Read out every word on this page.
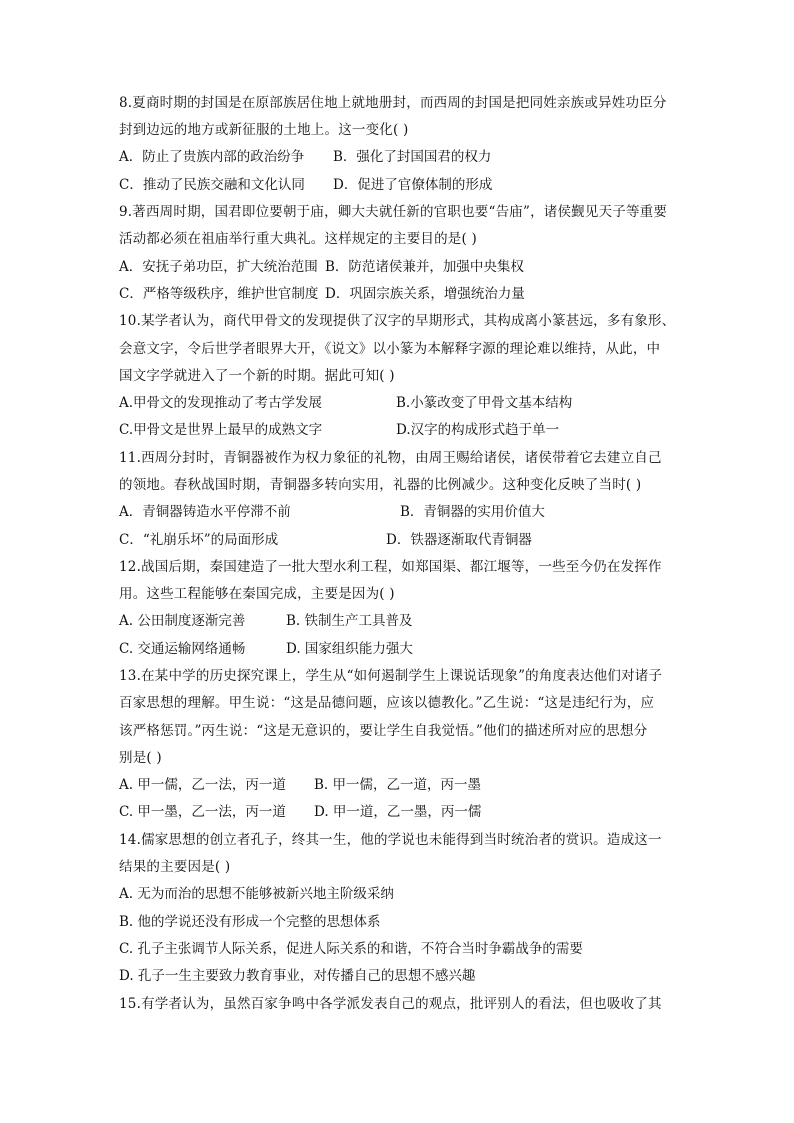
8.夏商时期的封国是在原部族居住地上就地册封，而西周的封国是把同姓亲族或异姓功臣分
封到边远的地方或新征服的土地上。这一变化( )
A．防止了贵族内部的政治纷争 B．强化了封国国君的权力
C．推动了民族交融和文化认同 D．促进了官僚体制的形成
9.著西周时期，国君即位要朝于庙，卿大夫就任新的官职也要“告庙”，诸侯觐见天子等重要
活动都必须在祖庙举行重大典礼。这样规定的主要目的是( )
A．安抚子弟功臣，扩大统治范围 B．防范诸侯兼并，加强中央集权
C．严格等级秩序，维护世官制度 D．巩固宗族关系，增强统治力量
10.某学者认为，商代甲骨文的发现提供了汉字的早期形式，其构成离小篆甚远，多有象形、
会意文字，令后世学者眼界大开，《说文》以小篆为本解释字源的理论难以维持，从此，中
国文字学就进入了一个新的时期。据此可知( )
A.甲骨文的发现推动了考古学发展	B.小篆改变了甲骨文基本结构
C.甲骨文是世界上最早的成熟文字	D.汉字的构成形式趋于单一
11.西周分封时，青铜器被作为权力象征的礼物，由周王赐给诸侯，诸侯带着它去建立自己
的领地。春秋战国时期，青铜器多转向实用，礼器的比例减少。这种变化反映了当时( )
A．青铜器铸造水平停滞不前	B．青铜器的实用价值大
C．“礼崩乐坏”的局面形成	D．铁器逐渐取代青铜器
12.战国后期，秦国建造了一批大型水利工程，如郑国渠、都江堰等，一些至今仍在发挥作
用。这些工程能够在秦国完成，主要是因为( )
A. 公田制度逐渐完善	B. 铁制生产工具普及
C. 交通运输网络通畅	D. 国家组织能力强大
13.在某中学的历史探究课上，学生从“如何遏制学生上课说话现象”的角度表达他们对诸子
百家思想的理解。甲生说：“这是品德问题，应该以德教化。”乙生说：“这是违纪行为，应
该严格惩罚。”丙生说：“这是无意识的，要让学生自我觉悟。”他们的描述所对应的思想分
别是( )
A. 甲一儒，乙一法，丙一道 B. 甲一儒，乙一道，丙一墨
C. 甲一墨，乙一法，丙一道 D. 甲一道，乙一墨，丙一儒
14.儒家思想的创立者孔子，终其一生，他的学说也未能得到当时统治者的赏识。造成这一
结果的主要因是( )
A. 无为而治的思想不能够被新兴地主阶级采纳
B. 他的学说还没有形成一个完整的思想体系
C. 孔子主张调节人际关系，促进人际关系的和谐，不符合当时争霸战争的需要
D. 孔子一生主要致力教育事业，对传播自己的思想不感兴趣
15.有学者认为，虽然百家争鸣中各学派发表自己的观点，批评别人的看法，但也吸收了其
